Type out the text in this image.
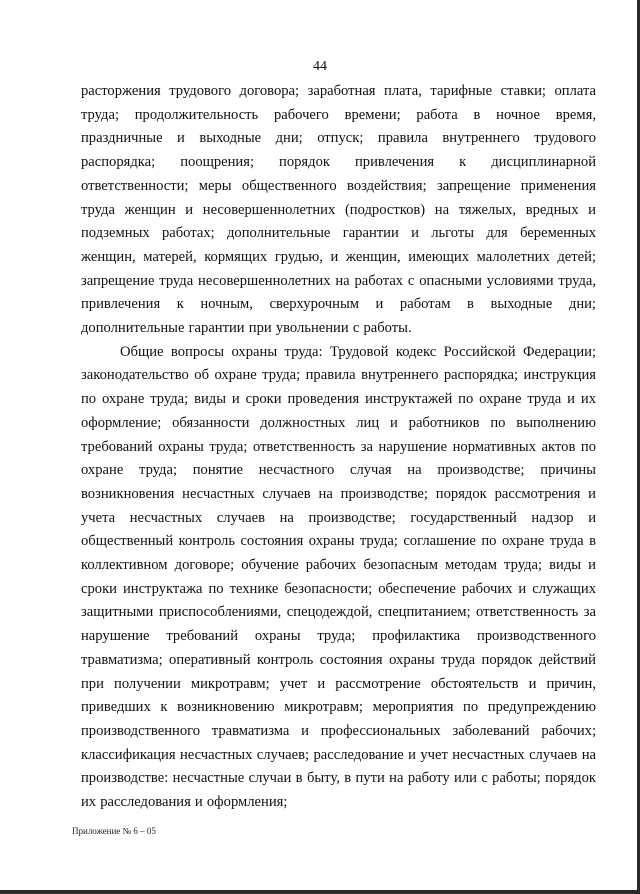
44

расторжения трудового договора; заработная плата, тарифные ставки; оплата труда; продолжительность рабочего времени; работа в ночное время, праздничные и выходные дни; отпуск; правила внутреннего трудового распорядка; поощрения; порядок привлечения к дисциплинарной ответственности; меры общественного воздействия; запрещение применения труда женщин и несовершеннолетних (подростков) на тяжелых, вредных и подземных работах; дополнительные гарантии и льготы для беременных женщин, матерей, кормящих грудью, и женщин, имеющих малолетних детей; запрещение труда несовершеннолетних на работах с опасными условиями труда, привлечения к ночным, сверхурочным и работам в выходные дни; дополнительные гарантии при увольнении с работы.

Общие вопросы охраны труда: Трудовой кодекс Российской Федерации; законодательство об охране труда; правила внутреннего распорядка; инструкция по охране труда; виды и сроки проведения инструктажей по охране труда и их оформление; обязанности должностных лиц и работников по выполнению требований охраны труда; ответственность за нарушение нормативных актов по охране труда; понятие несчастного случая на производстве; причины возникновения несчастных случаев на производстве; порядок рассмотрения и учета несчастных случаев на производстве; государственный надзор и общественный контроль состояния охраны труда; соглашение по охране труда в коллективном договоре; обучение рабочих безопасным методам труда; виды и сроки инструктажа по технике безопасности; обеспечение рабочих и служащих защитными приспособлениями, спецодеждой, спецпитанием; ответственность за нарушение требований охраны труда; профилактика производственного травматизма; оперативный контроль состояния охраны труда порядок действий при получении микротравм; учет и рассмотрение обстоятельств и причин, приведших к возникновению микротравм; мероприятия по предупреждению производственного травматизма и профессиональных заболеваний рабочих; классификация несчастных случаев; расследование и учет несчастных случаев на производстве: несчастные случаи в быту, в пути на работу или с работы; порядок их расследования и оформления;

Приложение № 6 – 05
